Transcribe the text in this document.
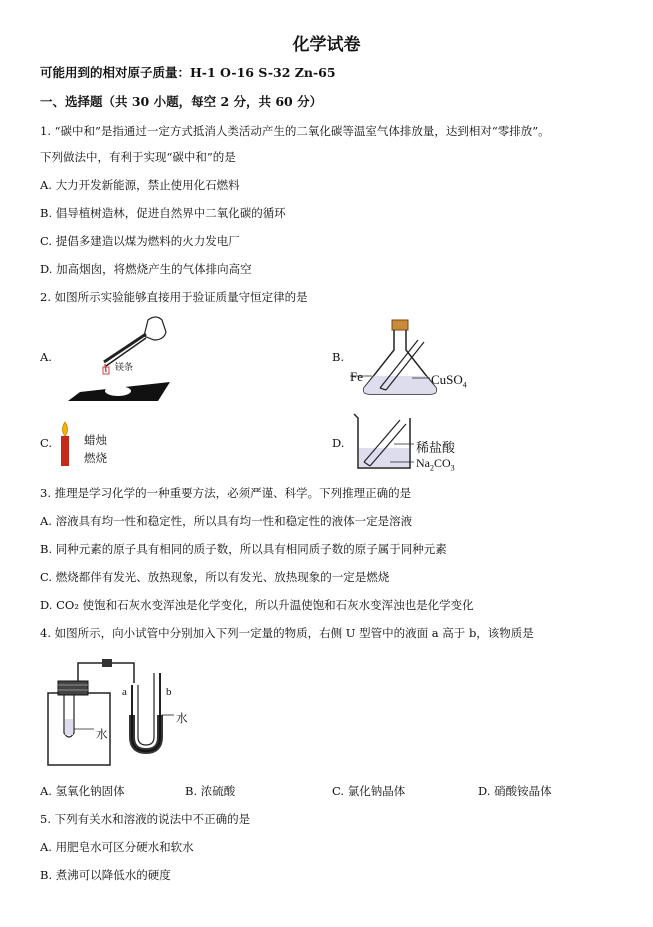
化学试卷
可能用到的相对原子质量：H-1 O-16 S-32 Zn-65
一、选择题（共 30 小题，每空 2 分，共 60 分）
1. “碳中和”是指通过一定方式抵消人类活动产生的二氧化碳等温室气体排放量，达到相对“零排放”。
下列做法中，有利于实现“碳中和”的是
A. 大力开发新能源，禁止使用化石燃料
B. 倡导植树造林，促进自然界中二氧化碳的循环
C. 提倡多建造以煤为燃料的火力发电厂
D. 加高烟囱，将燃烧产生的气体排向高空
2. 如图所示实验能够直接用于验证质量守恒定律的是
A.	B.
C.	D.
镁条
Fe	CuSO$_4$
蜡烛
燃烧
稀盐酸
$Na_2CO_3$
3. 推理是学习化学的一种重要方法，必须严谨、科学。下列推理正确的是
A. 溶液具有均一性和稳定性，所以具有均一性和稳定性的液体一定是溶液
B. 同种元素的原子具有相同的质子数，所以具有相同质子数的原子属于同种元素
C. 燃烧都伴有发光、放热现象，所以有发光、放热现象的一定是燃烧
D. CO₂ 使饱和石灰水变浑浊是化学变化，所以升温使饱和石灰水变浑浊也是化学变化
4. 如图所示，向小试管中分别加入下列一定量的物质，右侧 U 型管中的液面 a 高于 b，该物质是
水
a	b
水
A. 氢氧化钠固体	B. 浓硫酸	C. 氯化钠晶体	D. 硝酸铵晶体
5. 下列有关水和溶液的说法中不正确的是
A. 用肥皂水可区分硬水和软水
B. 煮沸可以降低水的硬度
